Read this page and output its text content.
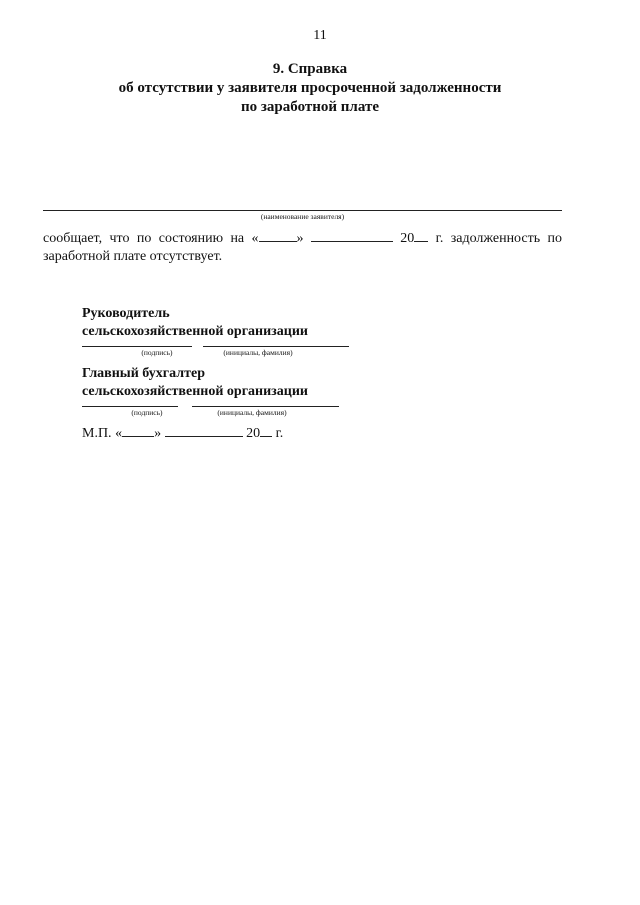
11
9. Справка
об отсутствии у заявителя просроченной задолженности
по заработной плате
(наименование заявителя)
сообщает, что по состоянию на «	»	20	г. задолженность по
заработной плате отсутствует.
Руководитель
сельскохозяйственной организации
(подпись)	(инициалы, фамилия)
Главный бухгалтер
сельскохозяйственной организации
(подпись)	(инициалы, фамилия)
М.П. « »	20 г.
